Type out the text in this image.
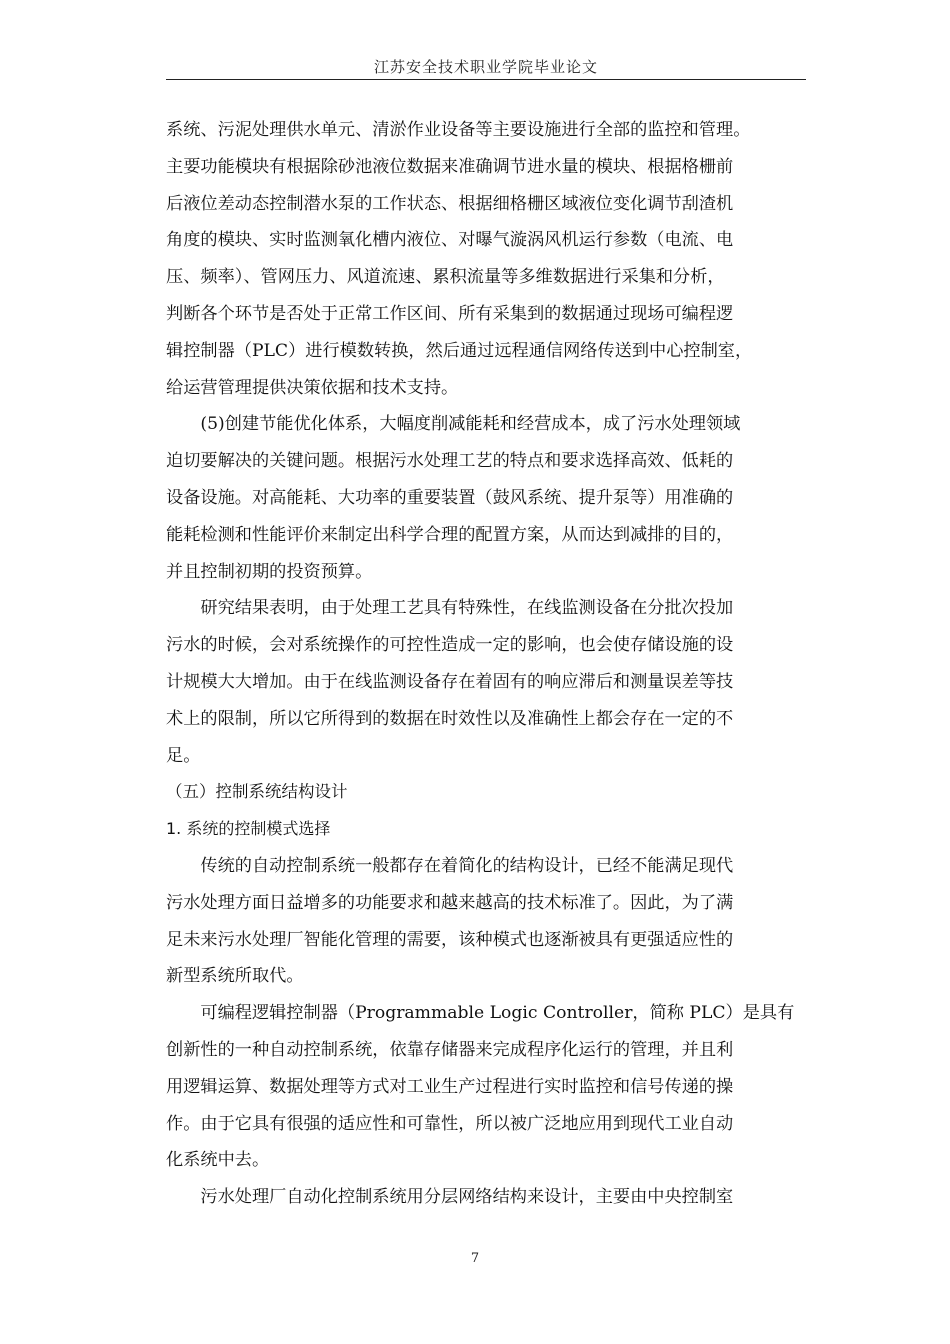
江苏安全技术职业学院毕业论文

系统、污泥处理供水单元、清淤作业设备等主要设施进行全部的监控和管理。

主要功能模块有根据除砂池液位数据来准确调节进水量的模块、根据格栅前

后液位差动态控制潜水泵的工作状态、根据细格栅区域液位变化调节刮渣机

角度的模块、实时监测氧化槽内液位、对曝气漩涡风机运行参数（电流、电

压、频率）、管网压力、风道流速、累积流量等多维数据进行采集和分析，

判断各个环节是否处于正常工作区间、所有采集到的数据通过现场可编程逻

辑控制器（PLC）进行模数转换，然后通过远程通信网络传送到中心控制室，

给运营管理提供决策依据和技术支持。

　　(5)创建节能优化体系，大幅度削减能耗和经营成本，成了污水处理领域

迫切要解决的关键问题。根据污水处理工艺的特点和要求选择高效、低耗的

设备设施。对高能耗、大功率的重要装置（鼓风系统、提升泵等）用准确的

能耗检测和性能评价来制定出科学合理的配置方案，从而达到减排的目的，

并且控制初期的投资预算。

　　研究结果表明，由于处理工艺具有特殊性，在线监测设备在分批次投加

污水的时候，会对系统操作的可控性造成一定的影响，也会使存储设施的设

计规模大大增加。由于在线监测设备存在着固有的响应滞后和测量误差等技

术上的限制，所以它所得到的数据在时效性以及准确性上都会存在一定的不

足。

（五）控制系统结构设计

1. 系统的控制模式选择

　　传统的自动控制系统一般都存在着简化的结构设计，已经不能满足现代

污水处理方面日益增多的功能要求和越来越高的技术标准了。因此，为了满

足未来污水处理厂智能化管理的需要，该种模式也逐渐被具有更强适应性的

新型系统所取代。

　　可编程逻辑控制器（Programmable Logic Controller，简称 PLC）是具有

创新性的一种自动控制系统，依靠存储器来完成程序化运行的管理，并且利

用逻辑运算、数据处理等方式对工业生产过程进行实时监控和信号传递的操

作。由于它具有很强的适应性和可靠性，所以被广泛地应用到现代工业自动

化系统中去。

　　污水处理厂自动化控制系统用分层网络结构来设计，主要由中央控制室

7
